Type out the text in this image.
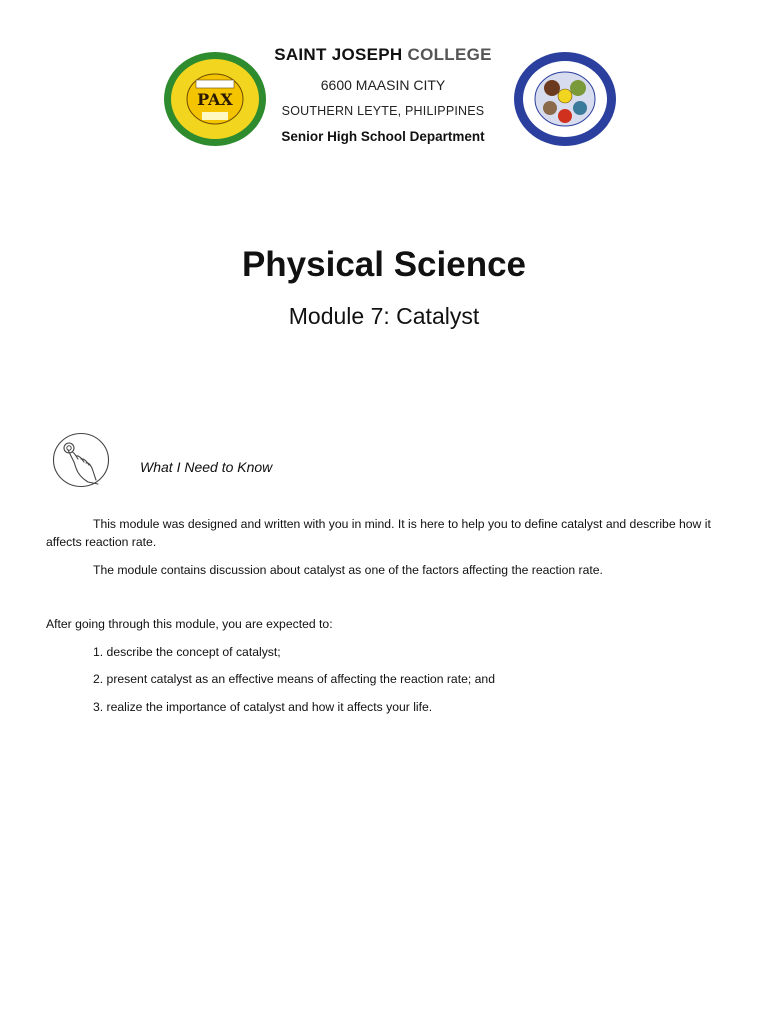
PAX
★	★
SAINT JOSEPH COLLEGE
6600 MAASIN CITY
SOUTHERN LEYTE, PHILIPPINES
Senior High School Department
Physical Science
Module 7: Catalyst
What I Need to Know

This module was designed and written with you in mind. It is here to help you to define catalyst and describe how it affects reaction rate.

The module contains discussion about catalyst as one of the factors affecting the reaction rate.

After going through this module, you are expected to:

1. describe the concept of catalyst;

2. present catalyst as an effective means of affecting the reaction rate; and

3. realize the importance of catalyst and how it affects your life.
